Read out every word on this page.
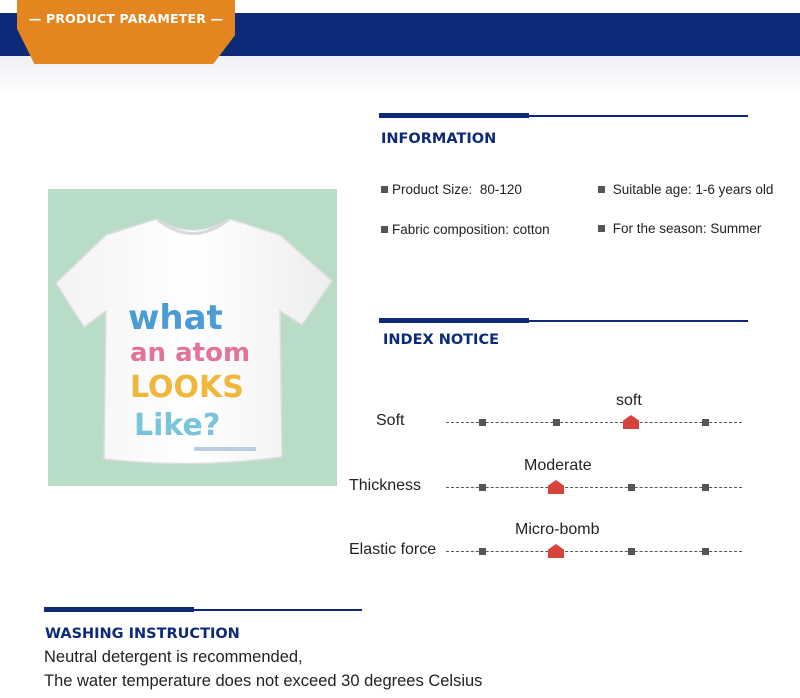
— PRODUCT PARAMETER —
INFORMATION
Product Size: 80-120	Suitable age: 1-6 years old
Fabric composition: cotton	For the season: Summer
what
an atom
LOOKS
Like?
INDEX NOTICE
Soft
soft
Thickness
Moderate
Elastic force
Micro-bomb
WASHING INSTRUCTION
Neutral detergent is recommended,
The water temperature does not exceed 30 degrees Celsius
